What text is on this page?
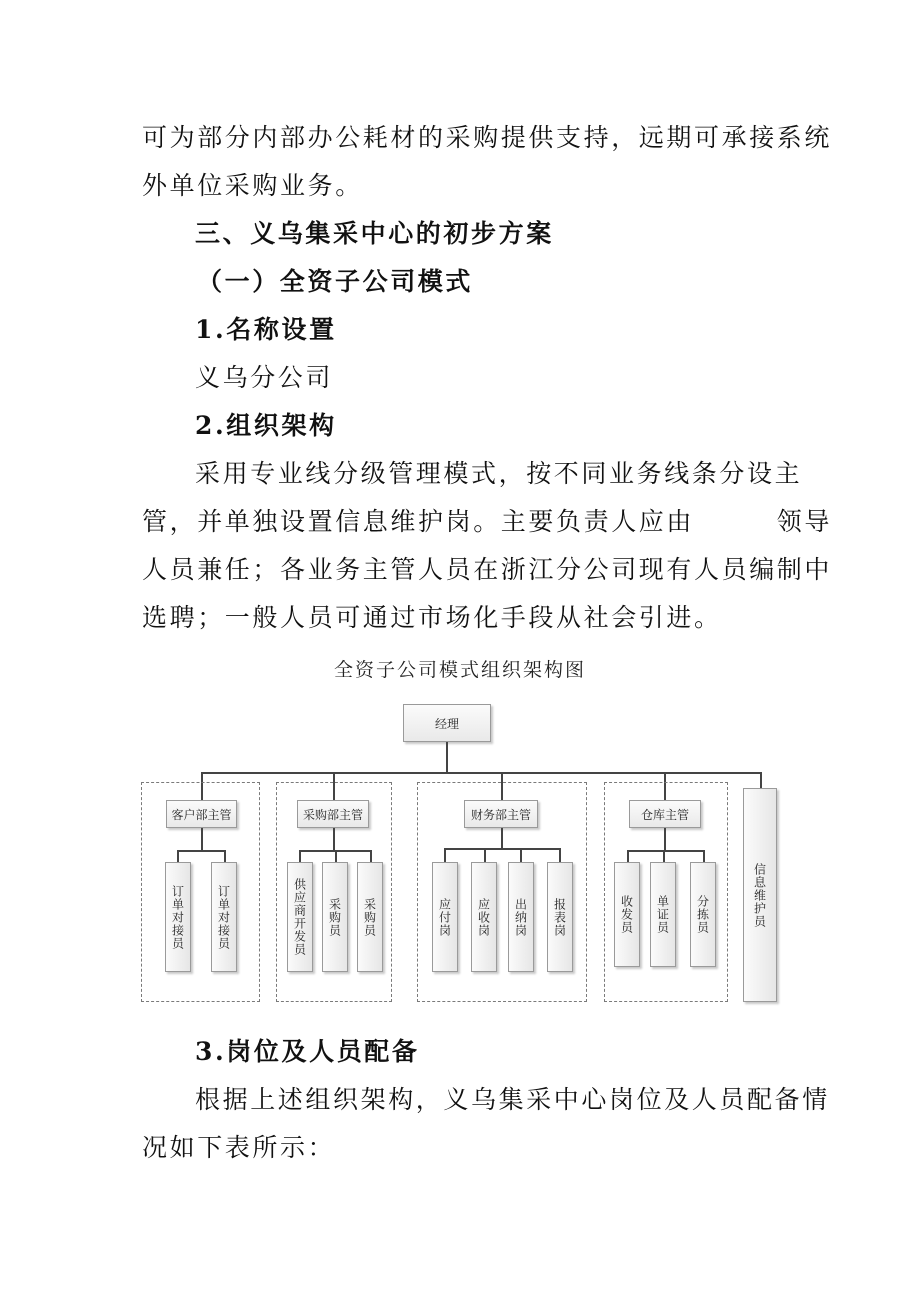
可为部分内部办公耗材的采购提供支持，远期可承接系统

外单位采购业务。

三、义乌集采中心的初步方案

（一）全资子公司模式

1.名称设置

义乌分公司

2.组织架构

采用专业线分级管理模式，按不同业务线条分设主

管，并单独设置信息维护岗。主要负责人应由　　　领导

人员兼任；各业务主管人员在浙江分公司现有人员编制中

选聘；一般人员可通过市场化手段从社会引进。

全资子公司模式组织架构图

经理
客户部主管
订单对接员	订单对接员
采购部主管
供应商开发员 采购员 采购员
财务部主管
应付岗 应收岗 出纳岗 报表岗
仓库主管
收发员 单证员 分拣员	信息维护员

3.岗位及人员配备

根据上述组织架构，义乌集采中心岗位及人员配备情

况如下表所示：
